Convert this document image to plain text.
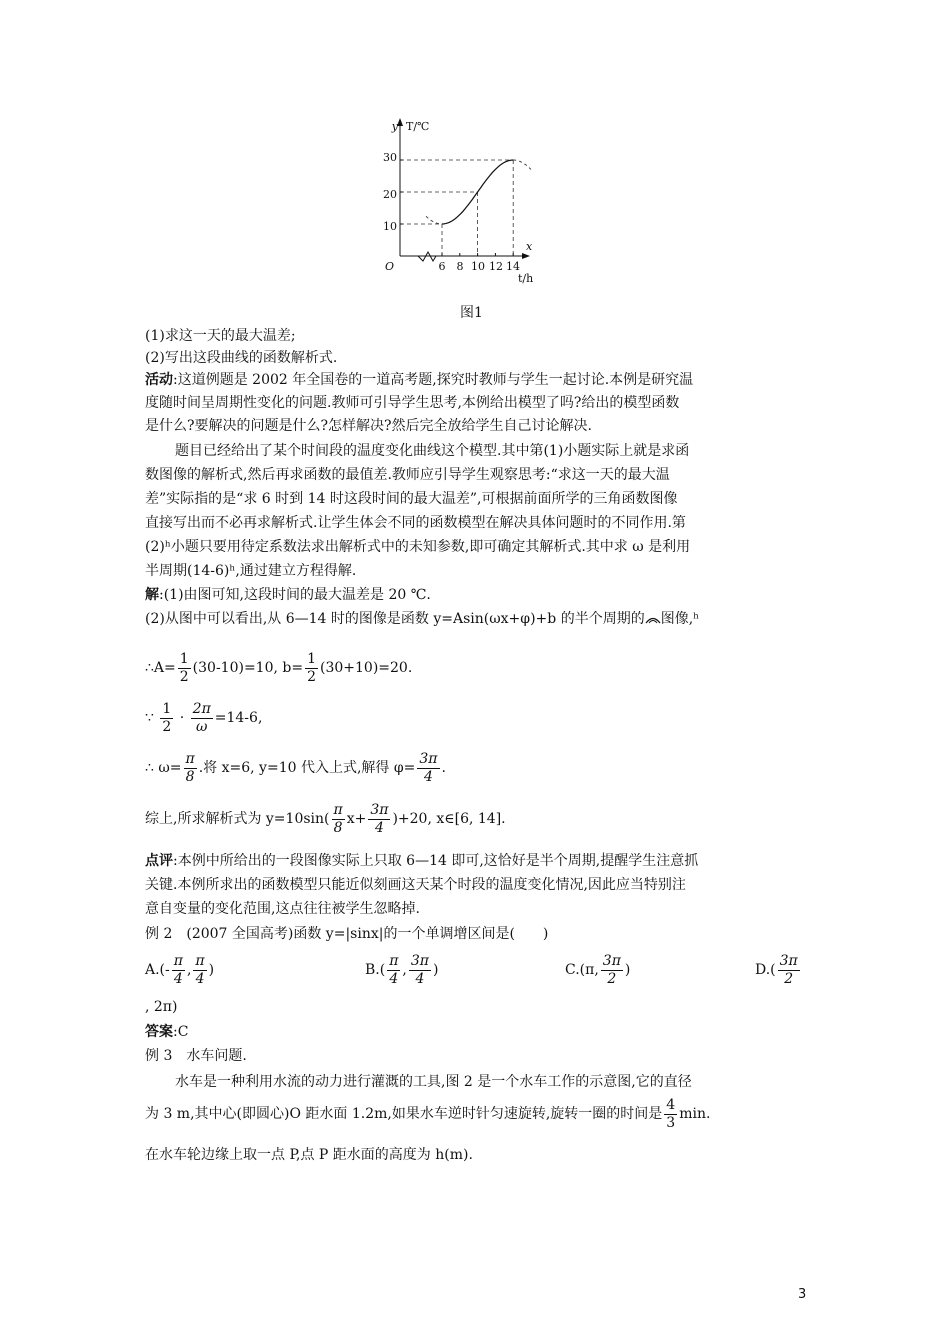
y T/℃
x
t/h
O
30
20
10
6 8 10 12 14
图1
(1)求这一天的最大温差;
(2)写出这段曲线的函数解析式.
活动:这道例题是 2002 年全国卷的一道高考题,探究时教师与学生一起讨论.本例是研究温
度随时间呈周期性变化的问题.教师可引导学生思考,本例给出模型了吗?给出的模型函数
是什么?要解决的问题是什么?怎样解决?然后完全放给学生自己讨论解决.
题目已经给出了某个时间段的温度变化曲线这个模型.其中第(1)小题实际上就是求函
数图像的解析式,然后再求函数的最值差.教师应引导学生观察思考:“求这一天的最大温
差”实际指的是“求 6 时到 14 时这段时间的最大温差”,可根据前面所学的三角函数图像
直接写出而不必再求解析式.让学生体会不同的函数模型在解决具体问题时的不同作用.第
(2)ʰ小题只要用待定系数法求出解析式中的未知参数,即可确定其解析式.其中求 ω 是利用
半周期(14-6)ʰ,通过建立方程得解.
解:(1)由图可知,这段时间的最大温差是 20 ℃.
(2)从图中可以看出,从 6—14 时的图像是函数 y=Asin(ωx+φ)+b 的半个周期的 图像,ʰ
∴A= $\frac{1}{2} (30-10)=10$, $b= \frac{1}{2} (30+10)=20$.
∵ $\frac{1}{2} \cdot \frac{2\pi}{\omega} =14-6$,
∴ $\omega= \frac{\pi}{8}$ .将 x=6, y=10 代入上式,解得 $\varphi= \frac{3\pi}{4}$ .
综上,所求解析式为 $y=10\sin( \frac{\pi}{8} x+ \frac{3\pi}{4} )+20$, x∈[6, 14].
点评:本例中所给出的一段图像实际上只取 6—14 即可,这恰好是半个周期,提醒学生注意抓
关键.本例所求出的函数模型只能近似刻画这天某个时段的温度变化情况,因此应当特别注
意自变量的变化范围,这点往往被学生忽略掉.
例 2　(2007 全国高考)函数 y=|sinx|的一个单调增区间是(　　)
$A.(- \frac{\pi}{4}$ , $\frac{\pi}{4}$ )	$B.( \frac{\pi}{4}$ , $\frac{3\pi}{4}$ )	C.(π, $\frac{3\pi}{2}$ )	$D.( \frac{3\pi}{2}$
, 2π)
答案:C
例 3　水车问题.
水车是一种利用水流的动力进行灌溉的工具,图 2 是一个水车工作的示意图,它的直径
为 3 m,其中心(即圆心)O 距水面 1.2m,如果水车逆时针匀速旋转,旋转一圈的时间是 $\frac{4}{3} \min$.
在水车轮边缘上取一点 P,点 P 距水面的高度为 h(m).
3
